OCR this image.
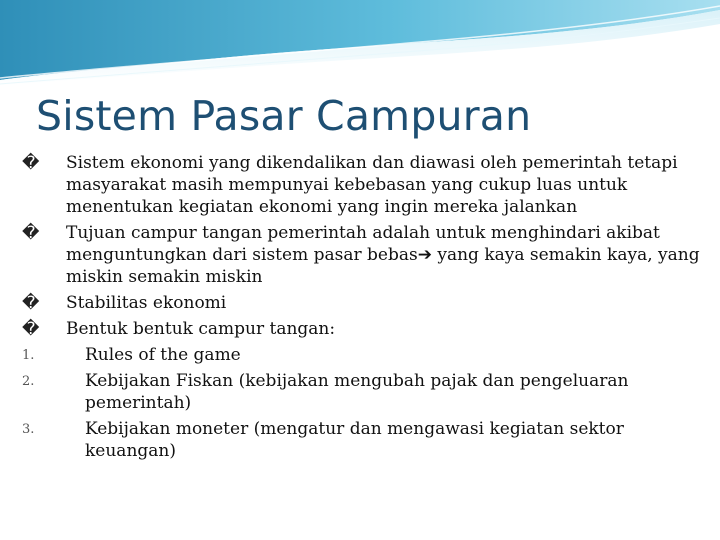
Sistem Pasar Campuran
� Sistem ekonomi yang dikendalikan dan diawasi oleh pemerintah tetapi masyarakat masih mempunyai kebebasan yang cukup luas untuk menentukan kegiatan ekonomi yang ingin mereka jalankan
� Tujuan campur tangan pemerintah adalah untuk menghindari akibat menguntungkan dari sistem pasar bebas➔ yang kaya semakin kaya, yang miskin semakin miskin
� Stabilitas ekonomi
� Bentuk bentuk campur tangan:
1.	Rules of the game
2.	Kebijakan Fiskan (kebijakan mengubah pajak dan pengeluaran pemerintah)
3.	Kebijakan moneter (mengatur dan mengawasi kegiatan sektor keuangan)
